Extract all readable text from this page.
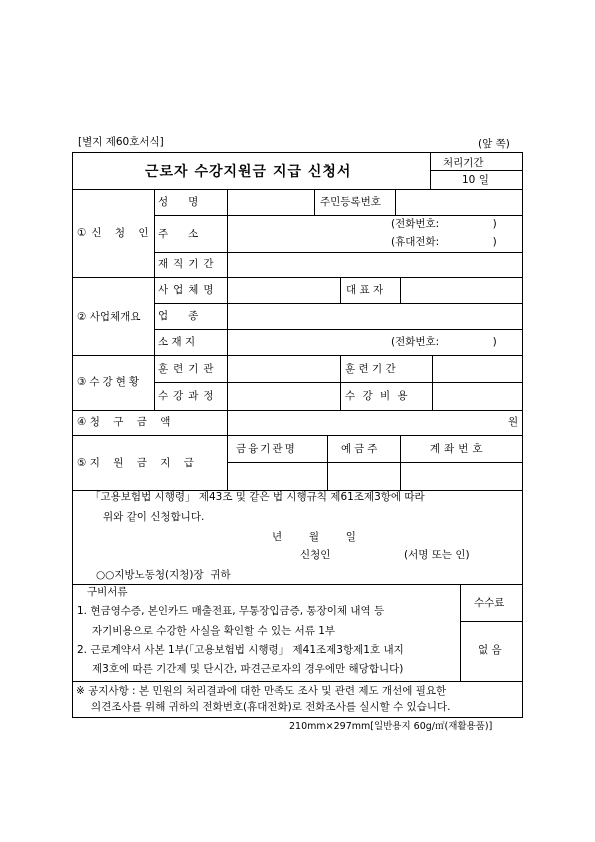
[별지 제60호서식]	(앞 쪽)
근로자 수강지원금 지급 신청서
처리기간
10 일
①신 청 인
성      명	주민등록번호
주      소
(전화번호:                )
(휴대전화:                )
재직기간
② 사업체개요
사업체명	대 표 자
업      종
소 재 지	(전화번호:                )
③수강현황
훈련기관	훈 련 기 간
수강과정	수 강 비 용
④ 청    구    금    액	원
⑤ 지    원    금    지    급
금융기관명	예금주	계좌번호
「고용보험법 시행령」 제43조 및 같은 법 시행규칙 제61조제3항에 따라
위와 같이 신청합니다.
년        월        일
신청인	(서명 또는 인)
○○지방노동청(지청)장  귀하
구비서류
1. 현금영수증, 본인카드 매출전표, 무통장입금증, 통장이체 내역 등
자기비용으로 수강한 사실을 확인할 수 있는 서류 1부
2. 근로계약서 사본 1부(「고용보험법 시행령」 제41조제3항제1호 내지
제3호에 따른 기간제 및 단시간, 파견근로자의 경우에만 해당합니다)
수수료
없 음
※ 공지사항 : 본 민원의 처리결과에 대한 만족도 조사 및 관련 제도 개선에 필요한
의견조사를 위해 귀하의 전화번호(휴대전화)로 전화조사를 실시할 수 있습니다.
210mm×297mm[일반용지 60g/㎡(재활용품)]
